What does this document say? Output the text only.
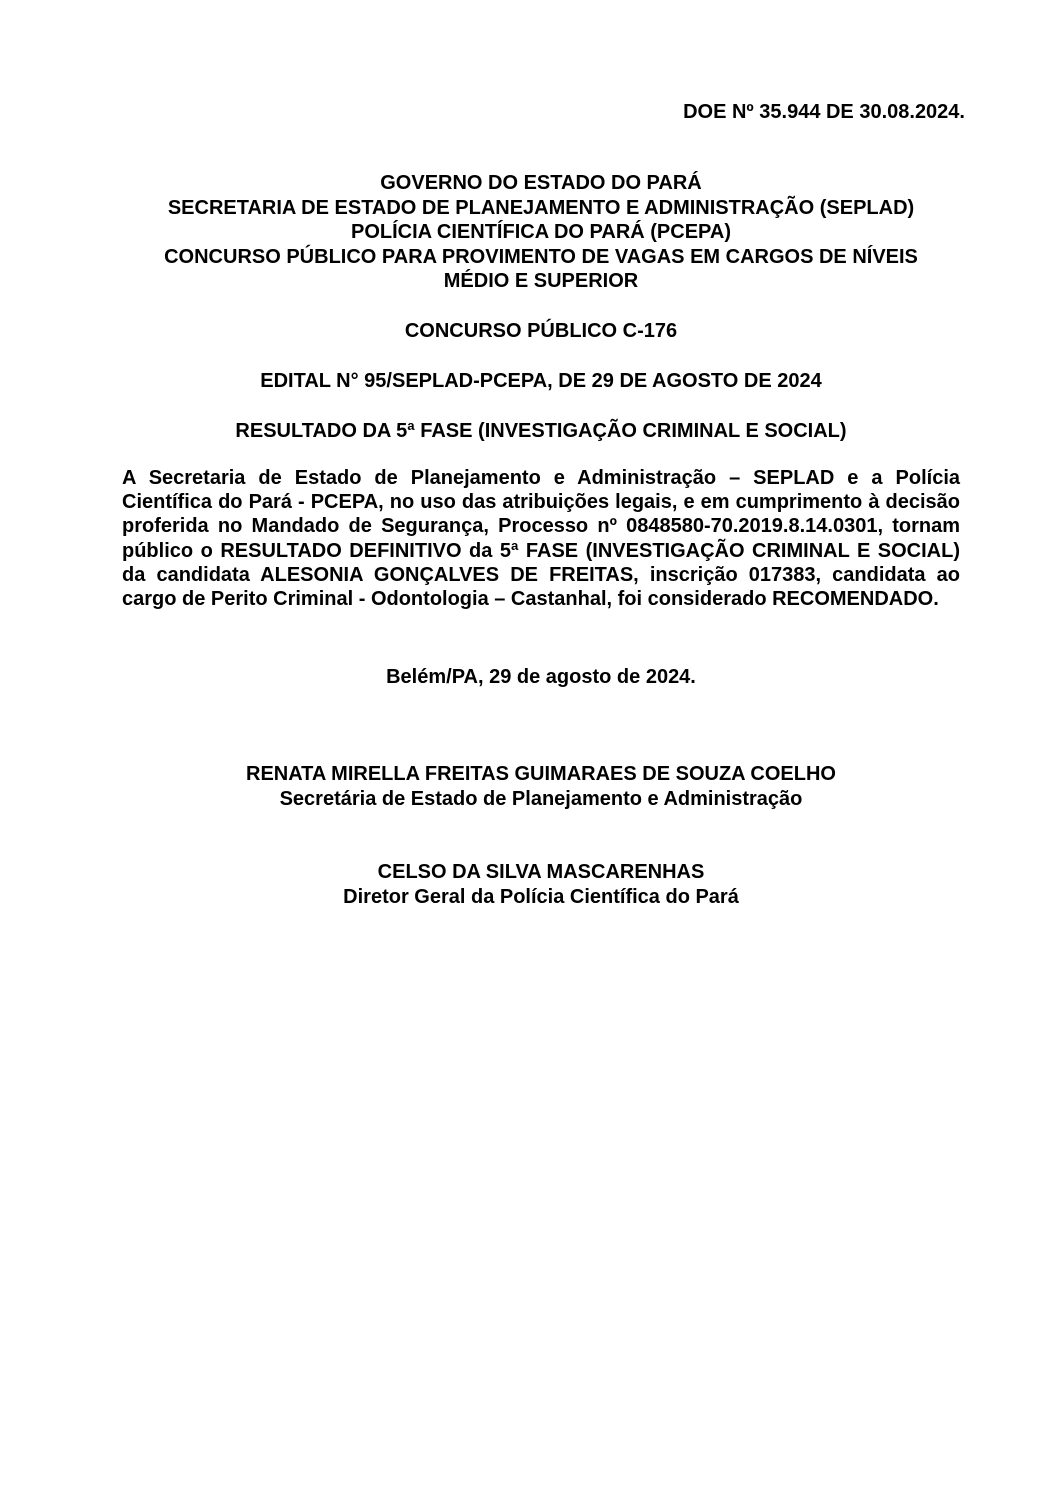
DOE Nº 35.944 DE 30.08.2024.

GOVERNO DO ESTADO DO PARÁ
SECRETARIA DE ESTADO DE PLANEJAMENTO E ADMINISTRAÇÃO (SEPLAD)
POLÍCIA CIENTÍFICA DO PARÁ (PCEPA)
CONCURSO PÚBLICO PARA PROVIMENTO DE VAGAS EM CARGOS DE NÍVEIS
MÉDIO E SUPERIOR

CONCURSO PÚBLICO C-176

EDITAL N° 95/SEPLAD-PCEPA, DE 29 DE AGOSTO DE 2024

RESULTADO DA 5ª FASE (INVESTIGAÇÃO CRIMINAL E SOCIAL)

A Secretaria de Estado de Planejamento e Administração – SEPLAD e a Polícia Científica do Pará - PCEPA, no uso das atribuições legais, e em cumprimento à decisão proferida no Mandado de Segurança, Processo nº 0848580-70.2019.8.14.0301, tornam público o RESULTADO DEFINITIVO da 5ª FASE (INVESTIGAÇÃO CRIMINAL E SOCIAL) da candidata ALESONIA GONÇALVES DE FREITAS, inscrição 017383, candidata ao cargo de Perito Criminal - Odontologia – Castanhal, foi considerado RECOMENDADO.

Belém/PA, 29 de agosto de 2024.

RENATA MIRELLA FREITAS GUIMARAES DE SOUZA COELHO
Secretária de Estado de Planejamento e Administração
CELSO DA SILVA MASCARENHAS
Diretor Geral da Polícia Científica do Pará
